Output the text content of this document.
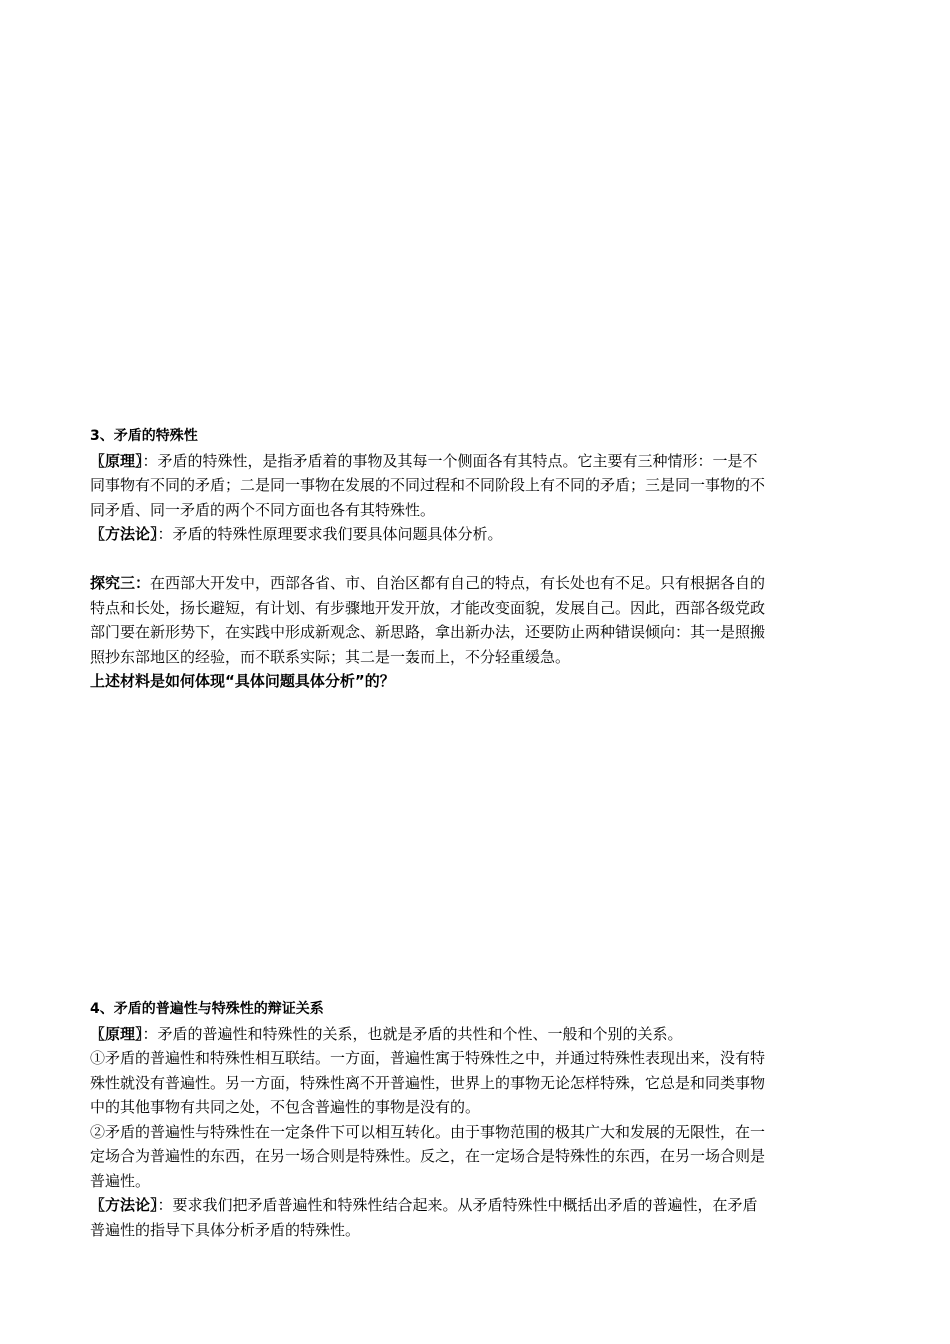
3、矛盾的特殊性
〖原理〗：矛盾的特殊性，是指矛盾着的事物及其每一个侧面各有其特点。它主要有三种情形：一是不
同事物有不同的矛盾；二是同一事物在发展的不同过程和不同阶段上有不同的矛盾；三是同一事物的不
同矛盾、同一矛盾的两个不同方面也各有其特殊性。
〖方法论〗：矛盾的特殊性原理要求我们要具体问题具体分析。
探究三：在西部大开发中，西部各省、市、自治区都有自己的特点，有长处也有不足。只有根据各自的
特点和长处，扬长避短，有计划、有步骤地开发开放，才能改变面貌，发展自己。因此，西部各级党政
部门要在新形势下，在实践中形成新观念、新思路，拿出新办法，还要防止两种错误倾向：其一是照搬
照抄东部地区的经验，而不联系实际；其二是一轰而上，不分轻重缓急。
上述材料是如何体现“具体问题具体分析”的？
4、矛盾的普遍性与特殊性的辩证关系
〖原理〗：矛盾的普遍性和特殊性的关系，也就是矛盾的共性和个性、一般和个别的关系。
①矛盾的普遍性和特殊性相互联结。一方面，普遍性寓于特殊性之中，并通过特殊性表现出来，没有特
殊性就没有普遍性。另一方面，特殊性离不开普遍性，世界上的事物无论怎样特殊，它总是和同类事物
中的其他事物有共同之处，不包含普遍性的事物是没有的。
②矛盾的普遍性与特殊性在一定条件下可以相互转化。由于事物范围的极其广大和发展的无限性，在一
定场合为普遍性的东西，在另一场合则是特殊性。反之，在一定场合是特殊性的东西，在另一场合则是
普遍性。
〖方法论〗：要求我们把矛盾普遍性和特殊性结合起来。从矛盾特殊性中概括出矛盾的普遍性，在矛盾
普遍性的指导下具体分析矛盾的特殊性。
